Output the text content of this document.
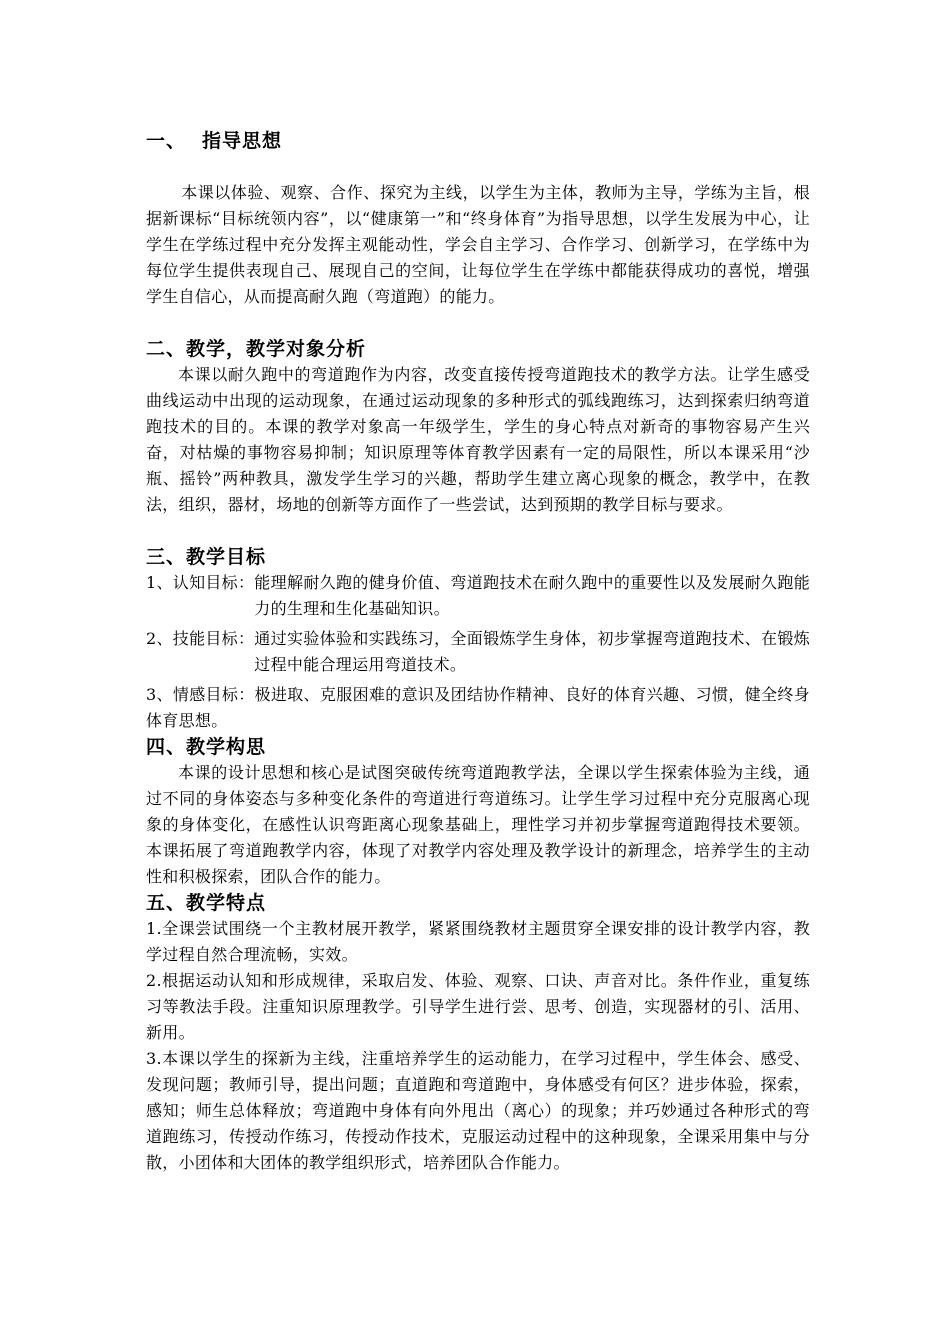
一、 指导思想

本课以体验、观察、合作、探究为主线，以学生为主体，教师为主导，学练为主旨，根据新课标“目标统领内容”，以“健康第一”和“终身体育”为指导思想，以学生发展为中心，让学生在学练过程中充分发挥主观能动性，学会自主学习、合作学习、创新学习，在学练中为每位学生提供表现自己、展现自己的空间，让每位学生在学练中都能获得成功的喜悦，增强学生自信心，从而提高耐久跑（弯道跑）的能力。

二、教学，教学对象分析

本课以耐久跑中的弯道跑作为内容，改变直接传授弯道跑技术的教学方法。让学生感受曲线运动中出现的运动现象，在通过运动现象的多种形式的弧线跑练习，达到探索归纳弯道跑技术的目的。本课的教学对象高一年级学生，学生的身心特点对新奇的事物容易产生兴奋，对枯燥的事物容易抑制；知识原理等体育教学因素有一定的局限性，所以本课采用“沙瓶、摇铃”两种教具，激发学生学习的兴趣，帮助学生建立离心现象的概念，教学中，在教法，组织，器材，场地的创新等方面作了一些尝试，达到预期的教学目标与要求。

三、教学目标
1、认知目标： 能理解耐久跑的健身价值、弯道跑技术在耐久跑中的重要性以及发展耐久跑能力的生理和生化基础知识。
2、技能目标： 通过实验体验和实践练习，全面锻炼学生身体，初步掌握弯道跑技术、在锻炼过程中能合理运用弯道技术。

3、情感目标：极进取、克服困难的意识及团结协作精神、良好的体育兴趣、习惯，健全终身体育思想。

四、教学构思

本课的设计思想和核心是试图突破传统弯道跑教学法，全课以学生探索体验为主线，通过不同的身体姿态与多种变化条件的弯道进行弯道练习。让学生学习过程中充分克服离心现象的身体变化，在感性认识弯距离心现象基础上，理性学习并初步掌握弯道跑得技术要领。本课拓展了弯道跑教学内容，体现了对教学内容处理及教学设计的新理念，培养学生的主动性和积极探索，团队合作的能力。

五、教学特点

1.全课尝试围绕一个主教材展开教学，紧紧围绕教材主题贯穿全课安排的设计教学内容，教学过程自然合理流畅，实效。

2.根据运动认知和形成规律，采取启发、体验、观察、口诀、声音对比。条件作业，重复练习等教法手段。注重知识原理教学。引导学生进行尝、思考、创造，实现器材的引、活用、新用。

3.本课以学生的探新为主线，注重培养学生的运动能力，在学习过程中，学生体会、感受、发现问题；教师引导，提出问题；直道跑和弯道跑中，身体感受有何区？进步体验，探索，感知；师生总体释放；弯道跑中身体有向外甩出（离心）的现象；并巧妙通过各种形式的弯道跑练习，传授动作练习，传授动作技术，克服运动过程中的这种现象，全课采用集中与分散，小团体和大团体的教学组织形式，培养团队合作能力。
